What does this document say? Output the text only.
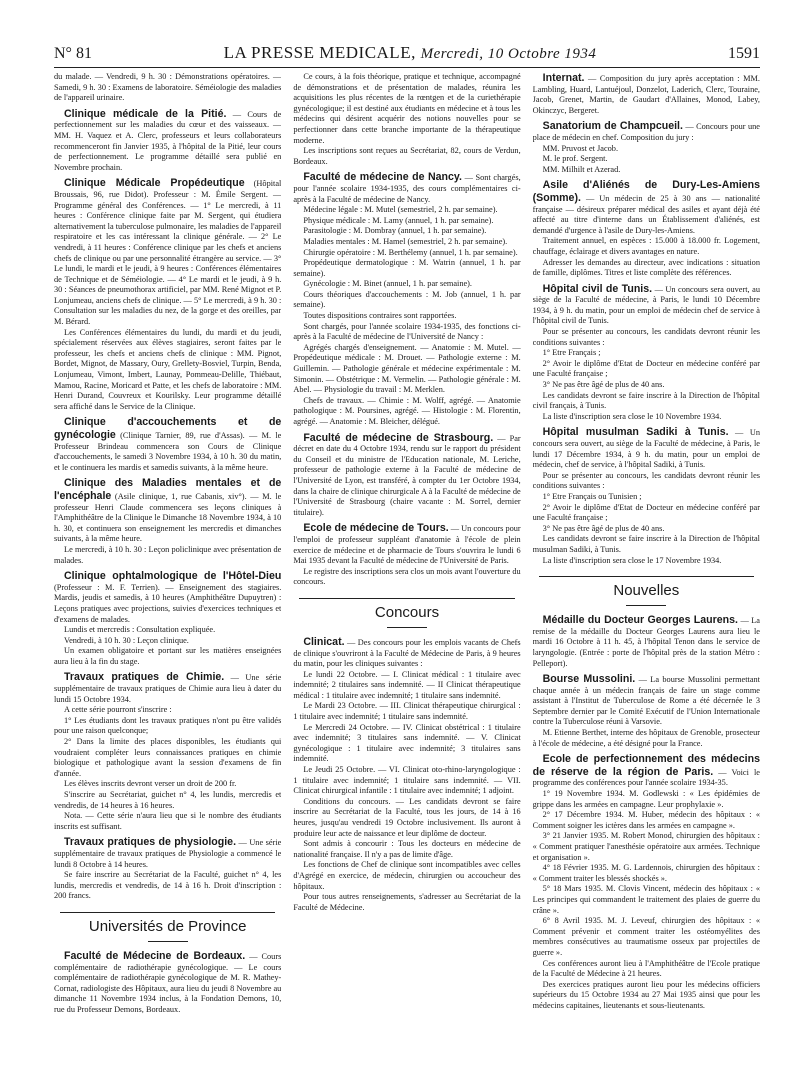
N° 81	LA PRESSE MEDICALE, Mercredi, 10 Octobre 1934	1591

du malade. — Vendredi, 9 h. 30 : Démonstrations opératoires. — Samedi, 9 h. 30 : Examens de laboratoire. Séméiologie des maladies de l'appareil urinaire.

Clinique médicale de la Pitié. — Cours de perfectionnement sur les maladies du cœur et des vaisseaux. — MM. H. Vaquez et A. Clerc, professeurs et leurs collaborateurs recommenceront fin Janvier 1935, à l'hôpital de la Pitié, leur cours de perfectionnement. Le programme détaillé sera publié en Novembre prochain.

Clinique Médicale Propédeutique (Hôpital Broussais, 96, rue Didot). Professeur : M. Émile Sergent. — Programme général des Conférences. — 1° Le mercredi, à 11 heures : Conférence clinique faite par M. Sergent, qui étudiera alternativement la tuberculose pulmonaire, les maladies de l'appareil respiratoire et les cas intéressant la clinique générale. — 2° Le vendredi, à 11 heures : Conférence clinique par les chefs et anciens chefs de clinique ou par une personnalité étrangère au service. — 3° Le lundi, le mardi et le jeudi, à 9 heures : Conférences élémentaires de Technique et de Séméiologie. — 4° Le mardi et le jeudi, à 9 h. 30 : Séances de pneumothorax artificiel, par MM. René Mignot et P. Lonjumeau, anciens chefs de clinique. — 5° Le mercredi, à 9 h. 30 : Consultation sur les maladies du nez, de la gorge et des oreilles, par M. Bérard.

Les Conférences élémentaires du lundi, du mardi et du jeudi, spécialement réservées aux élèves stagiaires, seront faites par le professeur, les chefs et anciens chefs de clinique : MM. Pignot, Bordet, Mignot, de Massary, Oury, Grellety-Bosviel, Turpin, Benda, Lonjumeau, Vimont, Imbert, Launay, Pommeau-Delille, Thiébaut, Mamou, Racine, Moricard et Patte, et les chefs de laboratoire : MM. Henri Durand, Couvreux et Kourilsky. Leur programme détaillé sera affiché dans le Service de la Clinique.

Clinique d'accouchements et de gynécologie (Clinique Tarnier, 89, rue d'Assas). — M. le Professeur Brindeau commencera son Cours de Clinique d'accouchements, le samedi 3 Novembre 1934, à 10 h. 30 du matin, et le continuera les mardis et samedis suivants, à la même heure.

Clinique des Maladies mentales et de l'encéphale (Asile clinique, 1, rue Cabanis, xiv°). — M. le professeur Henri Claude commencera ses leçons cliniques à l'Amphithéâtre de la Clinique le Dimanche 18 Novembre 1934, à 10 h. 30, et continuera son enseignement les mercredis et dimanches suivants, à la même heure.

Le mercredi, à 10 h. 30 : Leçon policlinique avec présentation de malades.

Clinique ophtalmologique de l'Hôtel-Dieu (Professeur : M. F. Terrien). — Enseignement des stagiaires. Mardis, jeudis et samedis, à 10 heures (Amphithéâtre Dupuytren) : Leçons pratiques avec projections, suivies d'exercices techniques et d'examens de malades.

Lundis et mercredis : Consultation expliquée.

Vendredi, à 10 h. 30 : Leçon clinique.

Un examen obligatoire et portant sur les matières enseignées aura lieu à la fin du stage.

Travaux pratiques de Chimie. — Une série supplémentaire de travaux pratiques de Chimie aura lieu à dater du lundi 15 Octobre 1934.

A cette série pourront s'inscrire :

1° Les étudiants dont les travaux pratiques n'ont pu être validés pour une raison quelconque;

2° Dans la limite des places disponibles, les étudiants qui voudraient compléter leurs connaissances pratiques en chimie biologique et pathologique avant la session d'examens de fin d'année.

Les élèves inscrits devront verser un droit de 200 fr.

S'inscrire au Secrétariat, guichet n° 4, les lundis, mercredis et vendredis, de 14 heures à 16 heures.

Nota. — Cette série n'aura lieu que si le nombre des étudiants inscrits est suffisant.

Travaux pratiques de physiologie. — Une série supplémentaire de travaux pratiques de Physiologie a commencé le lundi 8 Octobre à 14 heures.

Se faire inscrire au Secrétariat de la Faculté, guichet n° 4, les lundis, mercredis et vendredis, de 14 à 16 h. Droit d'inscription : 200 francs.

Universités de Province

Faculté de Médecine de Bordeaux. — Cours complémentaire de radiothérapie gynécologique. — Le cours complémentaire de radiothérapie gynécologique de M. R. Mathey-Cornat, radiologiste des Hôpitaux, aura lieu du jeudi 8 Novembre au dimanche 11 Novembre 1934 inclus, à la Fondation Demons, 10, rue du Professeur Demons, Bordeaux.

Ce cours, à la fois théorique, pratique et technique, accompagné de démonstrations et de présentation de malades, réunira les acquisitions les plus récentes de la rœntgen et de la curiethérapie gynécologique; il est destiné aux étudiants en médecine et à tous les médecins qui désirent acquérir des notions nouvelles pour se perfectionner dans cette branche importante de la thérapeutique moderne.

Les inscriptions sont reçues au Secrétariat, 82, cours de Verdun, Bordeaux.

Faculté de médecine de Nancy. — Sont chargés, pour l'année scolaire 1934-1935, des cours complémentaires ci-après à la Faculté de médecine de Nancy.

Médecine légale : M. Mutel (semestriel, 2 h. par semaine).

Physique médicale : M. Lamy (annuel, 1 h. par semaine).

Parasitologie : M. Dombray (annuel, 1 h. par semaine).

Maladies mentales : M. Hamel (semestriel, 2 h. par semaine).

Chirurgie opératoire : M. Berthélemy (annuel, 1 h. par semaine).

Propédeutique dermatologique : M. Watrin (annuel, 1 h. par semaine).

Gynécologie : M. Binet (annuel, 1 h. par semaine).

Cours théoriques d'accouchements : M. Job (annuel, 1 h. par semaine).

Toutes dispositions contraires sont rapportées.

Sont chargés, pour l'année scolaire 1934-1935, des fonctions ci-après à la Faculté de médecine de l'Université de Nancy :

Agrégés chargés d'enseignement. — Anatomie : M. Mutel. — Propédeutique médicale : M. Drouet. — Pathologie externe : M. Guillemin. — Pathologie générale et médecine expérimentale : M. Simonin. — Obstétrique : M. Vermelin. — Pathologie générale : M. Abel. — Physiologie du travail : M. Merklen.

Chefs de travaux. — Chimie : M. Wolff, agrégé. — Anatomie pathologique : M. Poursines, agrégé. — Histologie : M. Florentin, agrégé. — Anatomie : M. Bleicher, délégué.

Faculté de médecine de Strasbourg. — Par décret en date du 4 Octobre 1934, rendu sur le rapport du président du Conseil et du ministre de l'Education nationale, M. Leriche, professeur de pathologie externe à la Faculté de médecine de l'Université de Lyon, est transféré, à compter du 1er Octobre 1934, dans la chaire de clinique chirurgicale A à la Faculté de médecine de l'Université de Strasbourg (chaire vacante : M. Sorrel, dernier titulaire).

Ecole de médecine de Tours. — Un concours pour l'emploi de professeur suppléant d'anatomie à l'école de plein exercice de médecine et de pharmacie de Tours s'ouvrira le lundi 6 Mai 1935 devant la Faculté de médecine de l'Université de Paris.

Le registre des inscriptions sera clos un mois avant l'ouverture du concours.

Concours

Clinicat. — Des concours pour les emplois vacants de Chefs de clinique s'ouvriront à la Faculté de Médecine de Paris, à 9 heures du matin, pour les cliniques suivantes :

Le lundi 22 Octobre. — I. Clinicat médical : 1 titulaire avec indemnité; 2 titulaires sans indemnité. — II Clinicat thérapeutique médical : 1 titulaire avec indemnité; 1 titulaire sans indemnité.

Le Mardi 23 Octobre. — III. Clinicat thérapeutique chirurgical : 1 titulaire avec indemnité; 1 titulaire sans indemnité.

Le Mercredi 24 Octobre. — IV. Clinicat obstétrical : 1 titulaire avec indemnité; 3 titulaires sans indemnité. — V. Clinicat gynécologique : 1 titulaire avec indemnité; 3 titulaires sans indemnité.

Le Jeudi 25 Octobre. — VI. Clinicat oto-rhino-laryngologique : 1 titulaire avec indemnité; 1 titulaire sans indemnité. — VII. Clinicat chirurgical infantile : 1 titulaire avec indemnité; 1 adjoint.

Conditions du concours. — Les candidats devront se faire inscrire au Secrétariat de la Faculté, tous les jours, de 14 à 16 heures, jusqu'au vendredi 19 Octobre inclusivement. Ils auront à produire leur acte de naissance et leur diplôme de docteur.

Sont admis à concourir : Tous les docteurs en médecine de nationalité française. Il n'y a pas de limite d'âge.

Les fonctions de Chef de clinique sont incompatibles avec celles d'Agrégé en exercice, de médecin, chirurgien ou accoucheur des hôpitaux.

Pour tous autres renseignements, s'adresser au Secrétariat de la Faculté de Médecine.

Internat. — Composition du jury après acceptation : MM. Lambling, Huard, Lantuéjoul, Donzelot, Laderich, Clerc, Touraine, Jacob, Grenet, Martin, de Gaudart d'Allaines, Monod, Labey, Okinczyc, Bergeret.

Sanatorium de Champcueil. — Concours pour une place de médecin en chef. Composition du jury :

MM. Pruvost et Jacob.

M. le prof. Sergent.

MM. Milhilt et Azerad.

Asile d'Aliénés de Dury-Les-Amiens (Somme). — Un médecin de 25 à 30 ans — nationalité française — désireux préparer médical des asiles et ayant déjà été affecté au titre d'interne dans un Établissement d'aliénés, est demandé d'urgence à l'asile de Dury-les-Amiens.

Traitement annuel, en espèces : 15.000 à 18.000 fr. Logement, chauffage, éclairage et divers avantages en nature.

Adresser les demandes au directeur, avec indications : situation de famille, diplômes. Titres et liste complète des références.

Hôpital civil de Tunis. — Un concours sera ouvert, au siège de la Faculté de médecine, à Paris, le lundi 10 Décembre 1934, à 9 h. du matin, pour un emploi de médecin chef de service à l'hôpital civil de Tunis.

Pour se présenter au concours, les candidats devront réunir les conditions suivantes :

1° Etre Français ;

2° Avoir le diplôme d'Etat de Docteur en médecine conféré par une Faculté française ;

3° Ne pas être âgé de plus de 40 ans.

Les candidats devront se faire inscrire à la Direction de l'hôpital civil français, à Tunis.

La liste d'inscription sera close le 10 Novembre 1934.

Hôpital musulman Sadiki à Tunis. — Un concours sera ouvert, au siège de la Faculté de médecine, à Paris, le lundi 17 Décembre 1934, à 9 h. du matin, pour un emploi de médecin, chef de service, à l'hôpital Sadiki, à Tunis.

Pour se présenter au concours, les candidats devront réunir les conditions suivantes :

1° Etre Français ou Tunisien ;

2° Avoir le diplôme d'Etat de Docteur en médecine conféré par une Faculté française ;

3° Ne pas être âgé de plus de 40 ans.

Les candidats devront se faire inscrire à la Direction de l'hôpital musulman Sadiki, à Tunis.

La liste d'inscription sera close le 17 Novembre 1934.

Nouvelles

Médaille du Docteur Georges Laurens. — La remise de la médaille du Docteur Georges Laurens aura lieu le mardi 16 Octobre à 11 h. 45, à l'hôpital Tenon dans le service de laryngologie. (Entrée : porte de l'hôpital près de la station Métro : Pelleport).

Bourse Mussolini. — La bourse Mussolini permettant chaque année à un médecin français de faire un stage comme assistant à l'Institut de Tuberculose de Rome a été décernée le 3 Septembre dernier par le Comité Exécutif de l'Union Internationale contre la Tuberculose réuni à Varsovie.

M. Etienne Berthet, interne des hôpitaux de Grenoble, prosecteur à l'école de médecine, a été désigné pour la France.

Ecole de perfectionnement des médecins de réserve de la région de Paris. — Voici le programme des conférences pour l'année scolaire 1934-35.

1° 19 Novembre 1934. M. Godlewski : « Les épidémies de grippe dans les armées en campagne. Leur prophylaxie ».

2° 17 Décembre 1934. M. Huber, médecin des hôpitaux : « Comment soigner les ictères dans les armées en campagne ».

3° 21 Janvier 1935. M. Robert Monod, chirurgien des hôpitaux : « Comment pratiquer l'anesthésie opératoire aux armées. Technique et organisation ».

4° 18 Février 1935. M. G. Lardennois, chirurgien des hôpitaux : « Comment traiter les blessés shockés ».

5° 18 Mars 1935. M. Clovis Vincent, médecin des hôpitaux : « Les principes qui commandent le traitement des plaies de guerre du crâne ».

6° 8 Avril 1935. M. J. Leveuf, chirurgien des hôpitaux : « Comment prévenir et comment traiter les ostéomyélites des membres consécutives au traumatisme osseux par projectiles de guerre ».

Ces conférences auront lieu à l'Amphithéâtre de l'Ecole pratique de la Faculté de Médecine à 21 heures.

Des exercices pratiques auront lieu pour les médecins officiers supérieurs du 15 Octobre 1934 au 27 Mai 1935 ainsi que pour les médecins capitaines, lieutenants et sous-lieutenants.
